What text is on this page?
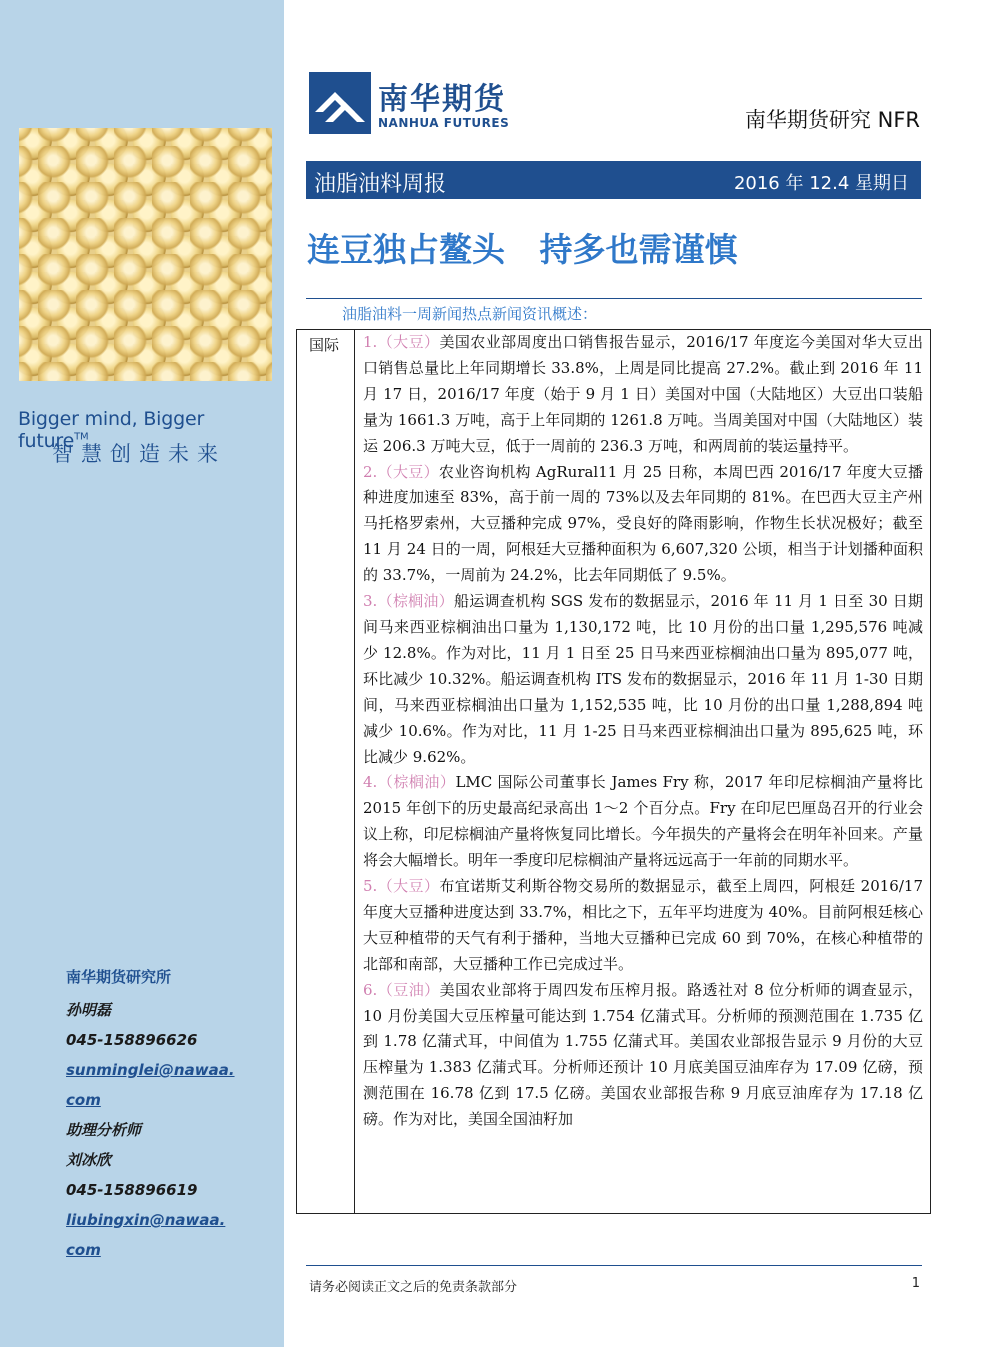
Bigger mind, Bigger future™
智慧创造未来
南华期货研究所
孙明磊
045-158896626
sunminglei@nawaa.
com
助理分析师
刘冰欣
045-158896619
liubingxin@nawaa.
com
南华期货
NANHUA FUTURES	南华期货研究 NFR
油脂油料周报	2016 年 12.4 星期日
连豆独占鳌头   持多也需谨慎
油脂油料一周新闻热点新闻资讯概述：
国际 1.（大豆）美国农业部周度出口销售报告显示，2016/17 年度迄今美国对华大豆出口销售总量比上年同期增长 33.8%，上周是同比提高 27.2%。截止到 2016 年 11 月 17 日，2016/17 年度（始于 9 月 1 日）美国对中国（大陆地区）大豆出口装船量为 1661.3 万吨，高于上年同期的 1261.8 万吨。当周美国对中国（大陆地区）装运 206.3 万吨大豆，低于一周前的 236.3 万吨，和两周前的装运量持平。

2.（大豆）农业咨询机构 AgRural11 月 25 日称，本周巴西 2016/17 年度大豆播种进度加速至 83%，高于前一周的 73%以及去年同期的 81%。在巴西大豆主产州马托格罗索州，大豆播种完成 97%，受良好的降雨影响，作物生长状况极好；截至 11 月 24 日的一周，阿根廷大豆播种面积为 6,607,320 公顷，相当于计划播种面积的 33.7%，一周前为 24.2%，比去年同期低了 9.5%。

3.（棕榈油）船运调查机构 SGS 发布的数据显示，2016 年 11 月 1 日至 30 日期间马来西亚棕榈油出口量为 1,130,172 吨，比 10 月份的出口量 1,295,576 吨减少 12.8%。作为对比，11 月 1 日至 25 日马来西亚棕榈油出口量为 895,077 吨，环比减少 10.32%。船运调查机构 ITS 发布的数据显示，2016 年 11 月 1-30 日期间，马来西亚棕榈油出口量为 1,152,535 吨，比 10 月份的出口量 1,288,894 吨减少 10.6%。作为对比，11 月 1-25 日马来西亚棕榈油出口量为 895,625 吨，环比减少 9.62%。

4.（棕榈油）LMC 国际公司董事长 James Fry 称，2017 年印尼棕榈油产量将比 2015 年创下的历史最高纪录高出 1～2 个百分点。Fry 在印尼巴厘岛召开的行业会议上称，印尼棕榈油产量将恢复同比增长。今年损失的产量将会在明年补回来。产量将会大幅增长。明年一季度印尼棕榈油产量将远远高于一年前的同期水平。

5.（大豆）布宜诺斯艾利斯谷物交易所的数据显示，截至上周四，阿根廷 2016/17 年度大豆播种进度达到 33.7%，相比之下，五年平均进度为 40%。目前阿根廷核心大豆种植带的天气有利于播种，当地大豆播种已完成 60 到 70%，在核心种植带的北部和南部，大豆播种工作已完成过半。

6.（豆油）美国农业部将于周四发布压榨月报。路透社对 8 位分析师的调查显示，10 月份美国大豆压榨量可能达到 1.754 亿蒲式耳。分析师的预测范围在 1.735 亿到 1.78 亿蒲式耳，中间值为 1.755 亿蒲式耳。美国农业部报告显示 9 月份的大豆压榨量为 1.383 亿蒲式耳。分析师还预计 10 月底美国豆油库存为 17.09 亿磅，预测范围在 16.78 亿到 17.5 亿磅。美国农业部报告称 9 月底豆油库存为 17.18 亿磅。作为对比，美国全国油籽加

请务必阅读正文之后的免责条款部分	1
